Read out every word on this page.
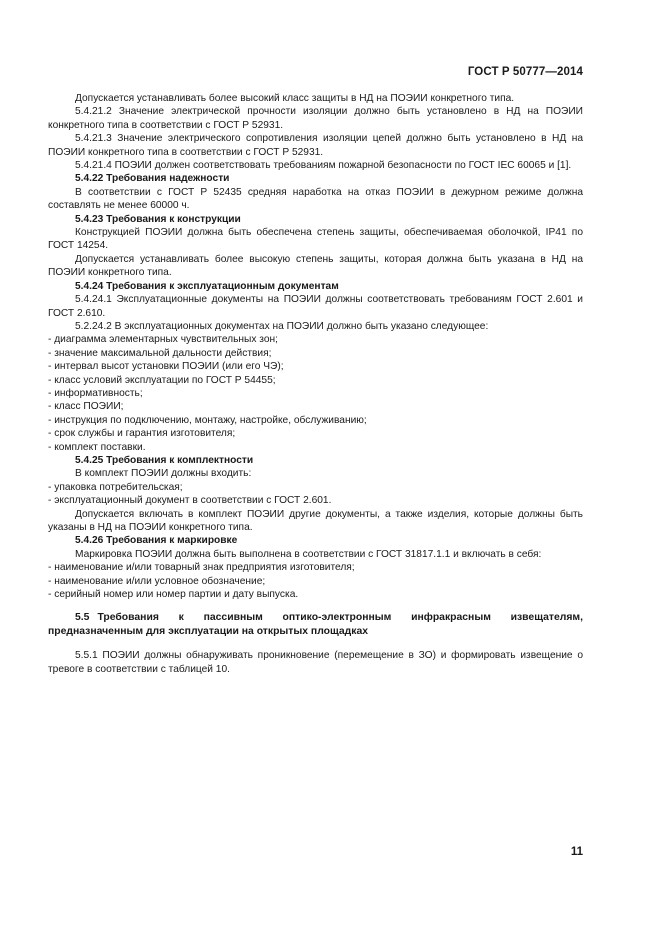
ГОСТ Р 50777—2014

Допускается устанавливать более высокий класс защиты в НД на ПОЭИИ конкретного типа.

5.4.21.2 Значение электрической прочности изоляции должно быть установлено в НД на ПОЭИИ конкретного типа в соответствии с ГОСТ Р 52931.

5.4.21.3 Значение электрического сопротивления изоляции цепей должно быть установлено в НД на ПОЭИИ конкретного типа в соответствии с ГОСТ Р 52931.

5.4.21.4 ПОЭИИ должен соответствовать требованиям пожарной безопасности по ГОСТ IEC 60065 и [1].

5.4.22 Требования надежности

В соответствии с ГОСТ Р 52435 средняя наработка на отказ ПОЭИИ в дежурном режиме должна составлять не менее 60000 ч.

5.4.23 Требования к конструкции

Конструкцией ПОЭИИ должна быть обеспечена степень защиты, обеспечиваемая оболочкой, IP41 по ГОСТ 14254.

Допускается устанавливать более высокую степень защиты, которая должна быть указана в НД на ПОЭИИ конкретного типа.

5.4.24 Требования к эксплуатационным документам

5.4.24.1 Эксплуатационные документы на ПОЭИИ должны соответствовать требованиям ГОСТ 2.601 и ГОСТ 2.610.

5.2.24.2 В эксплуатационных документах на ПОЭИИ должно быть указано следующее:

- диаграмма элементарных чувствительных зон;

- значение максимальной дальности действия;

- интервал высот установки ПОЭИИ (или его ЧЭ);

- класс условий эксплуатации по ГОСТ Р 54455;

- информативность;

- класс ПОЭИИ;

- инструкция по подключению, монтажу, настройке, обслуживанию;

- срок службы и гарантия изготовителя;

- комплект поставки.

5.4.25 Требования к комплектности

В комплект ПОЭИИ должны входить:

- упаковка потребительская;

- эксплуатационный документ в соответствии с ГОСТ 2.601.

Допускается включать в комплект ПОЭИИ другие документы, а также изделия, которые должны быть указаны в НД на ПОЭИИ конкретного типа.

5.4.26 Требования к маркировке

Маркировка ПОЭИИ должна быть выполнена в соответствии с ГОСТ 31817.1.1 и включать в себя:

- наименование и/или товарный знак предприятия изготовителя;

- наименование и/или условное обозначение;

- серийный номер или номер партии и дату выпуска.

5.5 Требования к пассивным оптико-электронным инфракрасным извещателям, предназначенным для эксплуатации на открытых площадках

5.5.1 ПОЭИИ должны обнаруживать проникновение (перемещение в ЗО) и формировать извещение о тревоге в соответствии с таблицей 10.

11
